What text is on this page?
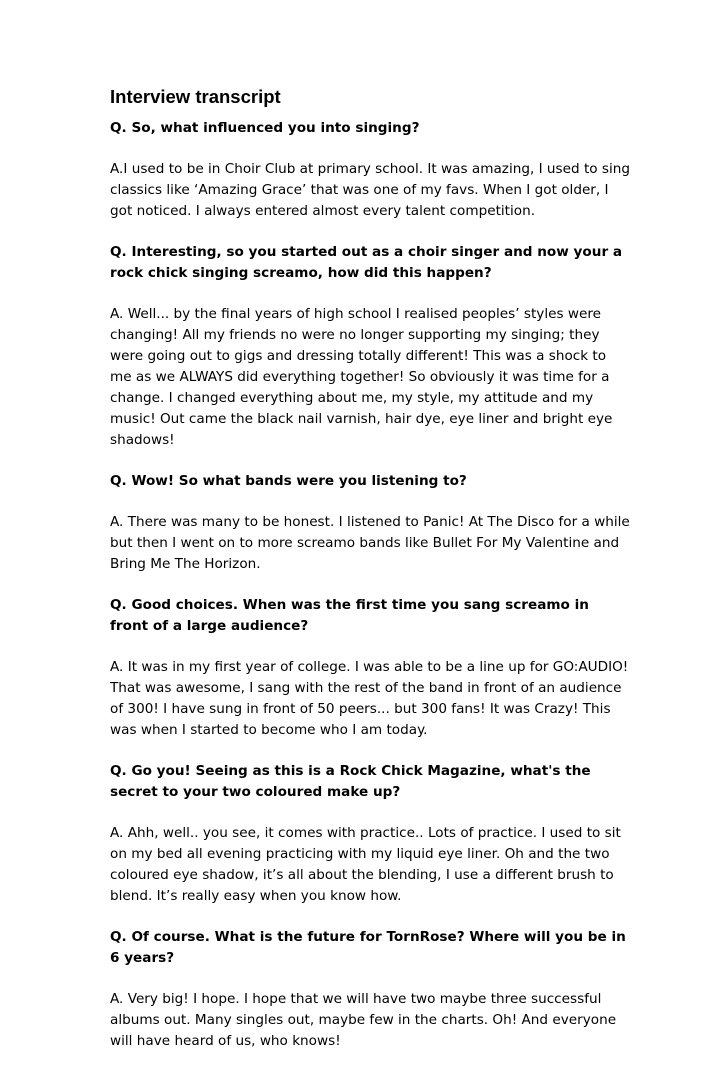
Interview transcript

Q. So, what influenced you into singing?

A.I used to be in Choir Club at primary school. It was amazing, I used to sing classics like ‘Amazing Grace’ that was one of my favs. When I got older, I got noticed. I always entered almost every talent competition.

Q. Interesting, so you started out as a choir singer and now your a rock chick singing screamo, how did this happen?

A. Well... by the final years of high school I realised peoples’ styles were changing! All my friends no were no longer supporting my singing; they were going out to gigs and dressing totally different! This was a shock to me as we ALWAYS did everything together! So obviously it was time for a change. I changed everything about me, my style, my attitude and my music! Out came the black nail varnish, hair dye, eye liner and bright eye shadows!

Q. Wow! So what bands were you listening to?

A. There was many to be honest. I listened to Panic! At The Disco for a while but then I went on to more screamo bands like Bullet For My Valentine and Bring Me The Horizon.

Q. Good choices. When was the first time you sang screamo in front of a large audience?

A. It was in my first year of college. I was able to be a line up for GO:AUDIO! That was awesome, I sang with the rest of the band in front of an audience of 300! I have sung in front of 50 peers... but 300 fans! It was Crazy! This was when I started to become who I am today.

Q. Go you! Seeing as this is a Rock Chick Magazine, what's the secret to your two coloured make up?

A. Ahh, well.. you see, it comes with practice.. Lots of practice. I used to sit on my bed all evening practicing with my liquid eye liner. Oh and the two coloured eye shadow, it’s all about the blending, I use a different brush to blend. It’s really easy when you know how.

Q. Of course. What is the future for TornRose? Where will you be in 6 years?

A. Very big! I hope. I hope that we will have two maybe three successful albums out. Many singles out, maybe few in the charts. Oh! And everyone will have heard of us, who knows!
